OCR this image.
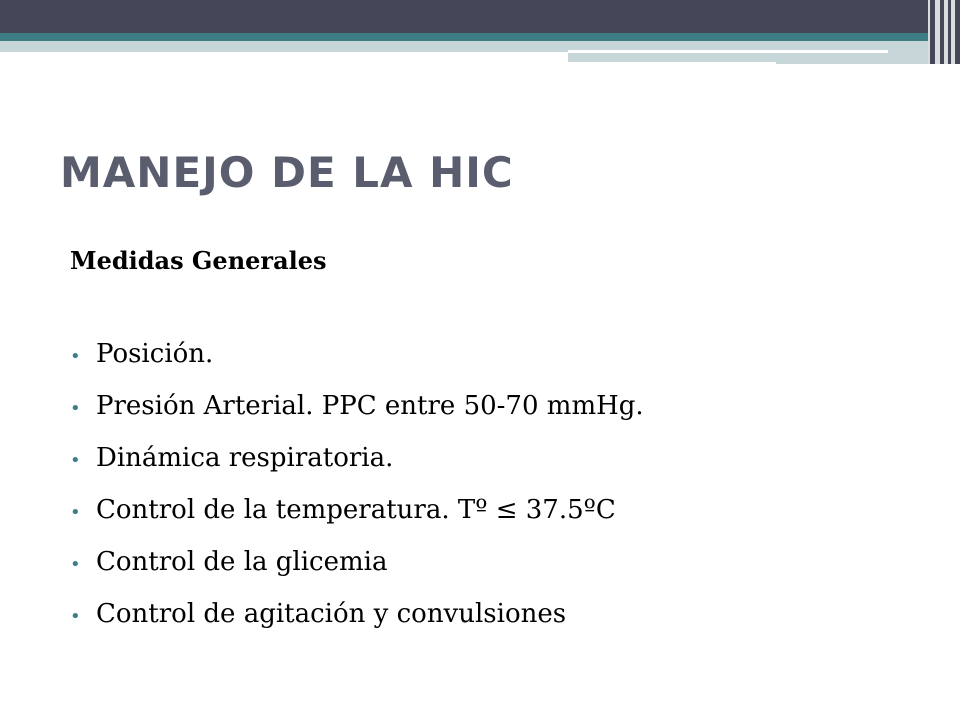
MANEJO DE LA HIC
Medidas Generales
• Posición.
• Presión Arterial. PPC entre 50-70 mmHg.
• Dinámica respiratoria.
• Control de la temperatura. Tº ≤ 37.5ºC
• Control de la glicemia
• Control de agitación y convulsiones
